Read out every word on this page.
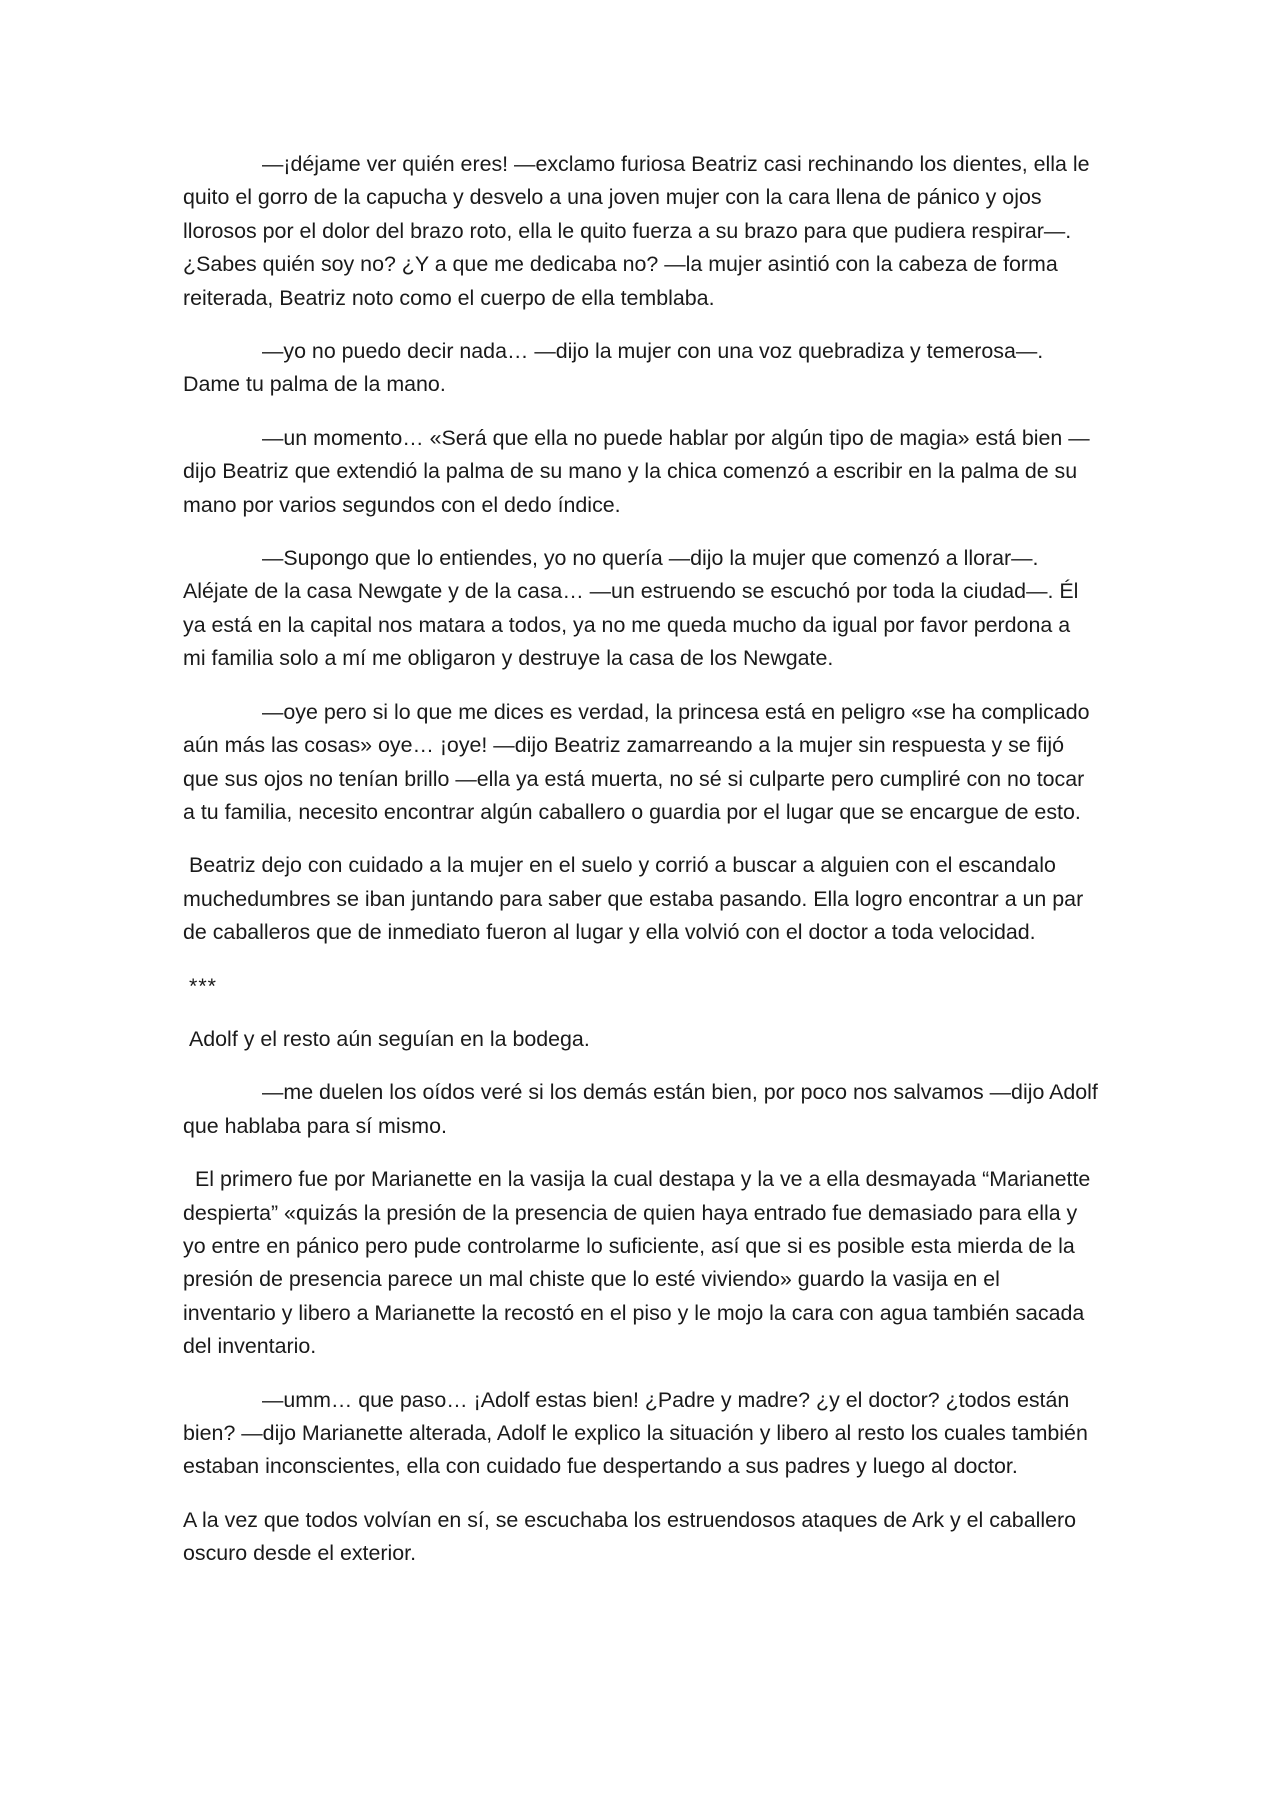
—¡déjame ver quién eres! —exclamo furiosa Beatriz casi rechinando los dientes, ella le quito el gorro de la capucha y desvelo a una joven mujer con la cara llena de pánico y ojos llorosos por el dolor del brazo roto, ella le quito fuerza a su brazo para que pudiera respirar—. ¿Sabes quién soy no? ¿Y a que me dedicaba no? —la mujer asintió con la cabeza de forma reiterada, Beatriz noto como el cuerpo de ella temblaba.

—yo no puedo decir nada… —dijo la mujer con una voz quebradiza y temerosa—. Dame tu palma de la mano.

—un momento… «Será que ella no puede hablar por algún tipo de magia» está bien —dijo Beatriz que extendió la palma de su mano y la chica comenzó a escribir en la palma de su mano por varios segundos con el dedo índice.

—Supongo que lo entiendes, yo no quería —dijo la mujer que comenzó a llorar—. Aléjate de la casa Newgate y de la casa… —un estruendo se escuchó por toda la ciudad—. Él ya está en la capital nos matara a todos, ya no me queda mucho da igual por favor perdona a mi familia solo a mí me obligaron y destruye la casa de los Newgate.

—oye pero si lo que me dices es verdad, la princesa está en peligro «se ha complicado aún más las cosas» oye… ¡oye! —dijo Beatriz zamarreando a la mujer sin respuesta y se fijó que sus ojos no tenían brillo —ella ya está muerta, no sé si culparte pero cumpliré con no tocar a tu familia, necesito encontrar algún caballero o guardia por el lugar que se encargue de esto.

Beatriz dejo con cuidado a la mujer en el suelo y corrió a buscar a alguien con el escandalo muchedumbres se iban juntando para saber que estaba pasando. Ella logro encontrar a un par de caballeros que de inmediato fueron al lugar y ella volvió con el doctor a toda velocidad.

***

Adolf y el resto aún seguían en la bodega.

—me duelen los oídos veré si los demás están bien, por poco nos salvamos —dijo Adolf que hablaba para sí mismo.

El primero fue por Marianette en la vasija la cual destapa y la ve a ella desmayada “Marianette despierta” «quizás la presión de la presencia de quien haya entrado fue demasiado para ella y yo entre en pánico pero pude controlarme lo suficiente, así que si es posible esta mierda de la presión de presencia parece un mal chiste que lo esté viviendo» guardo la vasija en el inventario y libero a Marianette la recostó en el piso y le mojo la cara con agua también sacada del inventario.

—umm… que paso… ¡Adolf estas bien! ¿Padre y madre? ¿y el doctor? ¿todos están bien? —dijo Marianette alterada, Adolf le explico la situación y libero al resto los cuales también estaban inconscientes, ella con cuidado fue despertando a sus padres y luego al doctor.

A la vez que todos volvían en sí, se escuchaba los estruendosos ataques de Ark y el caballero oscuro desde el exterior.
